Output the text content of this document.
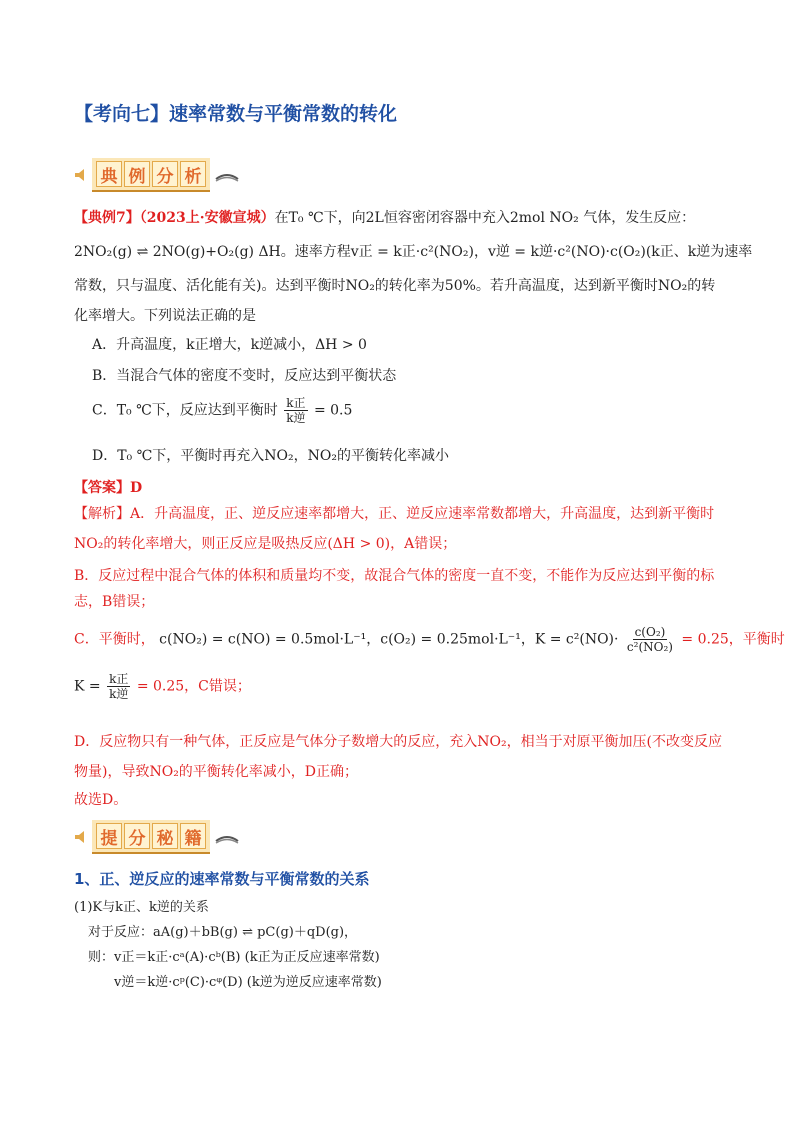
【考向七】速率常数与平衡常数的转化
典 例 分 析
【典例7】（2023上·安徽宣城）在T₀ ℃下，向2L恒容密闭容器中充入2mol NO₂ 气体，发生反应：
2NO₂(g) ⇌ 2NO(g)+O₂(g) ΔH。速率方程v正 = k正·c²(NO₂)，v逆 = k逆·c²(NO)·c(O₂)(k正、k逆为速率
常数，只与温度、活化能有关)。达到平衡时NO₂的转化率为50%。若升高温度，达到新平衡时NO₂的转
化率增大。下列说法正确的是
A．升高温度，k正增大，k逆减小，ΔH > 0
B．当混合气体的密度不变时，反应达到平衡状态
C．T₀ ℃下，反应达到平衡时 $\frac{\text{k正}}{\text{k逆}} = 0.5$
D．T₀ ℃下，平衡时再充入NO₂，NO₂的平衡转化率减小
【答案】D
【解析】A．升高温度，正、逆反应速率都增大，正、逆反应速率常数都增大，升高温度，达到新平衡时
NO₂的转化率增大，则正反应是吸热反应(ΔH > 0)，A错误；
B．反应过程中混合气体的体积和质量均不变，故混合气体的密度一直不变，不能作为反应达到平衡的标
志，B错误；
C．平衡时， c(NO₂) = c(NO) = 0.5mol·L⁻¹，c(O₂) = 0.25mol·L⁻¹，$K = c^2(NO)\cdot \frac{\text{c(O₂)}}{\text{c²(NO₂)}} = 0.25$，平衡时
$K = \frac{\text{k正}}{\text{k逆}} = 0.25$，C错误；
D．反应物只有一种气体，正反应是气体分子数增大的反应，充入NO₂，相当于对原平衡加压(不改变反应
物量)，导致NO₂的平衡转化率减小，D正确；
故选D。
提 分 秘 籍
1、正、逆反应的速率常数与平衡常数的关系
(1)K与k正、k逆的关系
对于反应：aA(g)＋bB(g) ⇌ pC(g)＋qD(g)，
则：v正＝k正·cᵃ(A)·cᵇ(B) (k正为正反应速率常数)
v逆＝k逆·cᵖ(C)·cᵠ(D) (k逆为逆反应速率常数)
